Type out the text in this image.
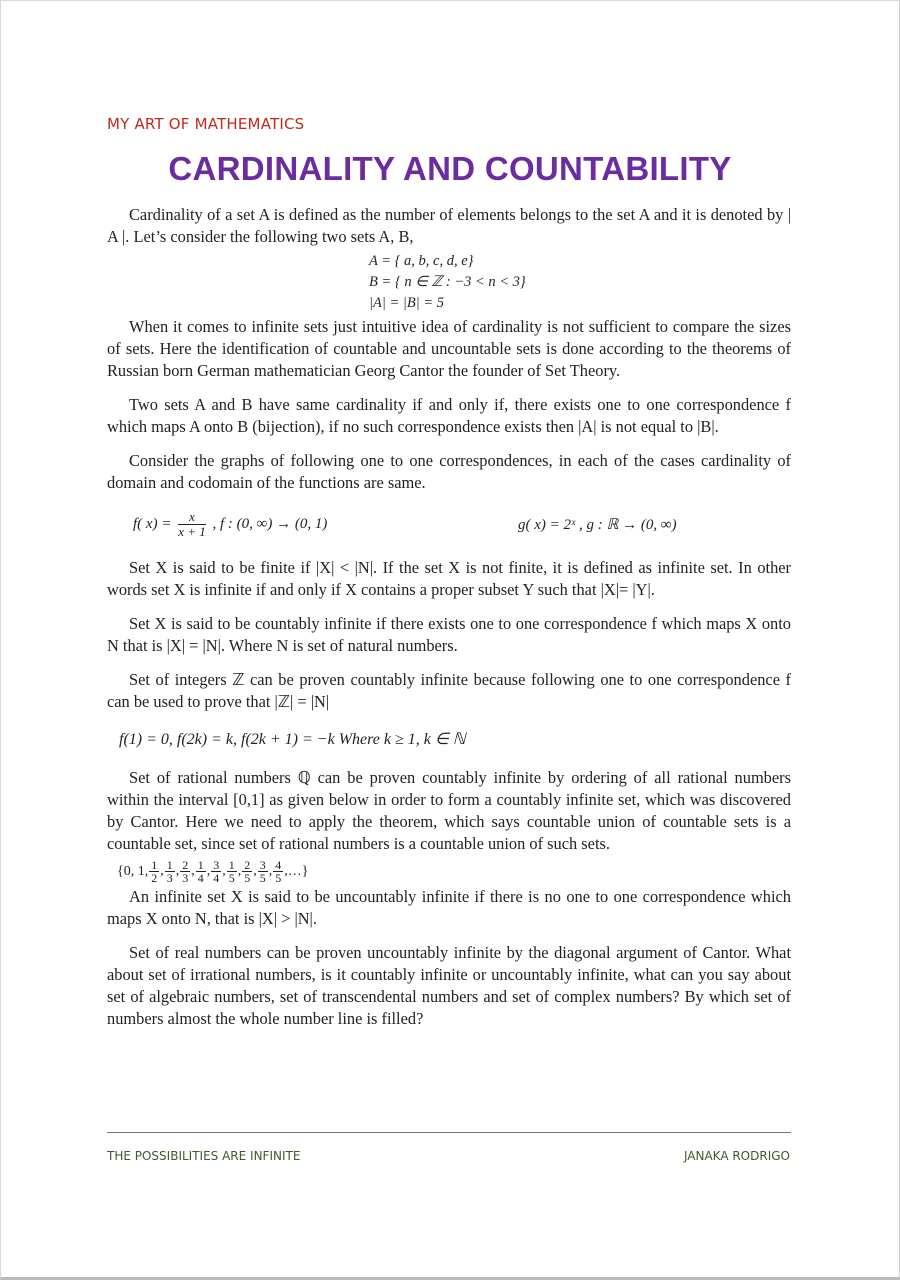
MY ART OF MATHEMATICS
CARDINALITY AND COUNTABILITY

Cardinality of a set A is defined as the number of elements belongs to the set A and it is denoted by | A |. Let’s consider the following two sets A, B,

A = { a, b, c, d, e}
B = { n ∈ ℤ : −3 < n < 3}
|A| = |B| = 5

When it comes to infinite sets just intuitive idea of cardinality is not sufficient to compare the sizes of sets. Here the identification of countable and uncountable sets is done according to the theorems of Russian born German mathematician Georg Cantor the founder of Set Theory.

Two sets A and B have same cardinality if and only if, there exists one to one correspondence f which maps A onto B (bijection), if no such correspondence exists then |A| is not equal to |B|.

Consider the graphs of following one to one correspondences, in each of the cases cardinality of domain and codomain of the functions are same.

f( $x) = \frac{x}{x + 1}$ , f : (0, ∞) → (0, 1)	g( x) = 2ˣ , g : ℝ → (0, ∞)

Set X is said to be finite if |X| < |N|. If the set X is not finite, it is defined as infinite set. In other words set X is infinite if and only if X contains a proper subset Y such that |X|= |Y|.

Set X is said to be countably infinite if there exists one to one correspondence f which maps X onto N that is |X| = |N|. Where N is set of natural numbers.

Set of integers ℤ can be proven countably infinite because following one to one correspondence f can be used to prove that |ℤ| = |N|

f(1) = 0, f(2k) = k, f(2k + 1) = −k Where k ≥ 1, k ∈ ℕ

Set of rational numbers ℚ can be proven countably infinite by ordering of all rational numbers within the interval [0,1] as given below in order to form a countably infinite set, which was discovered by Cantor. Here we need to apply the theorem, which says countable union of countable sets is a countable set, since set of rational numbers is a countable union of such sets.

{0, 1, $\frac{1}{2}$ , $\frac{1}{3}$ , $\frac{2}{3}$ , $\frac{1}{4}$ , $\frac{3}{4}$ , $\frac{1}{5}$ , $\frac{2}{5}$ , $\frac{3}{5}$ , $\frac{4}{5}$ , …}

An infinite set X is said to be uncountably infinite if there is no one to one correspondence which maps X onto N, that is |X| > |N|.

Set of real numbers can be proven uncountably infinite by the diagonal argument of Cantor. What about set of irrational numbers, is it countably infinite or uncountably infinite, what can you say about set of algebraic numbers, set of transcendental numbers and set of complex numbers? By which set of numbers almost the whole number line is filled?

THE POSSIBILITIES ARE INFINITE	JANAKA RODRIGO
